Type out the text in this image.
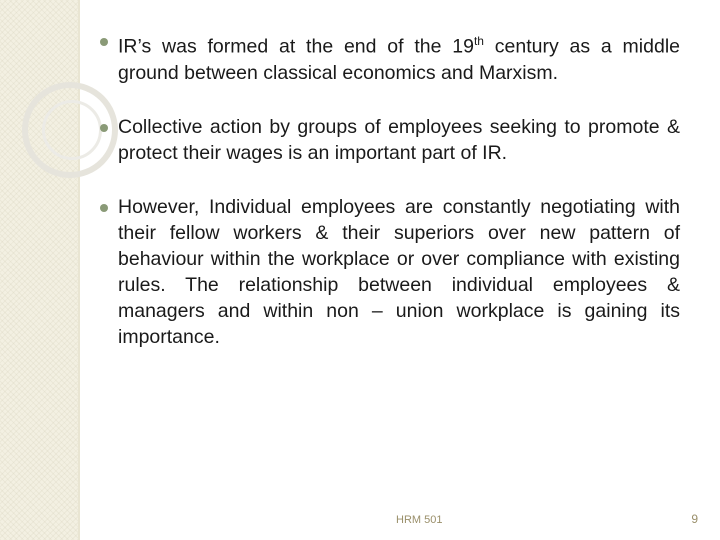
IR’s was formed at the end of the 19th century as a middle ground between classical economics and Marxism.
Collective action by groups of employees seeking to promote & protect their wages is an important part of IR.
However, Individual employees are constantly negotiating with their fellow workers & their superiors over new pattern of behaviour within the workplace or over compliance with existing rules. The relationship between individual employees & managers and within non – union workplace is gaining its importance.
HRM 501	9
